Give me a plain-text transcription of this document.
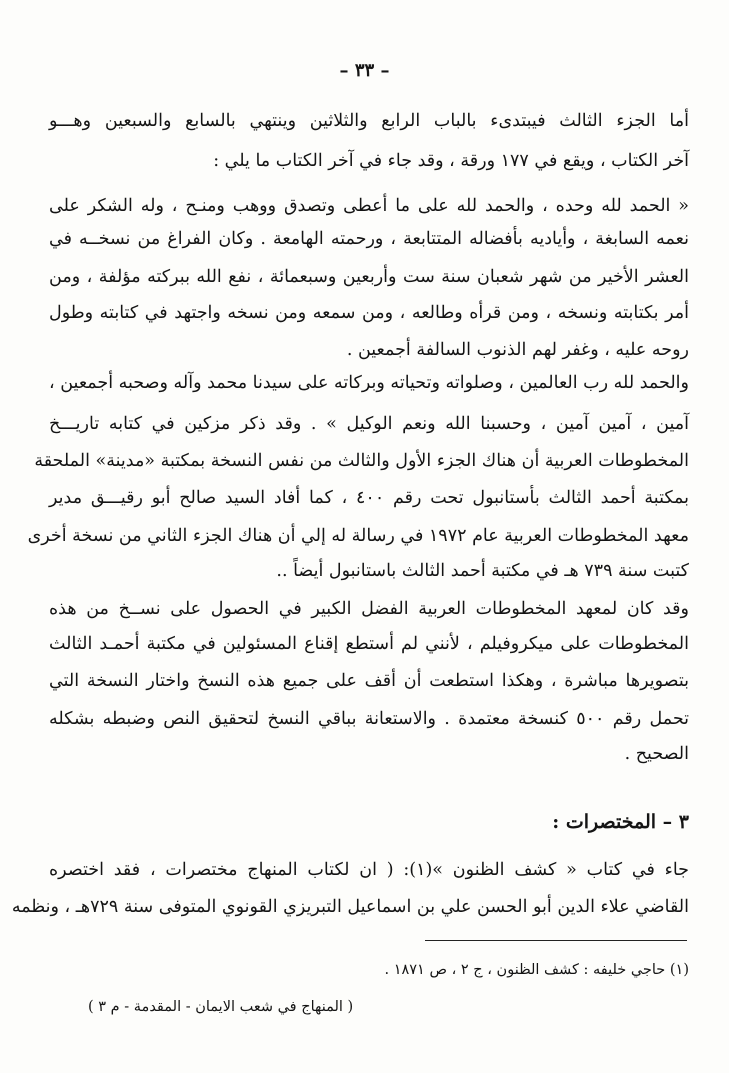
– ٣٣ –
أما الجزء الثالث فيبتدىء بالباب الرابع والثلاثين وينتهي بالسابع والسبعين وهـــو
آخر الكتاب ، ويقع في ١٧٧ ورقة ، وقد جاء في آخر الكتاب ما يلي :
« الحمد لله وحده ، والحمد لله على ما أعطى وتصدق ووهب ومنـح ، وله الشكر على
نعمه السابغة ، وأياديه بأفضاله المتتابعة ، ورحمته الهامعة . وكان الفراغ من نسخــه في
العشر الأخير من شهر شعبان سنة ست وأربعين وسبعمائة ، نفع الله ببركته مؤلفة ، ومن
أمر بكتابته ونسخه ، ومن قرأه وطالعه ، ومن سمعه ومن نسخه واجتهد في كتابته وطول
روحه عليه ، وغفر لهم الذنوب السالفة أجمعين .
والحمد لله رب العالمين ، وصلواته وتحياته وبركاته على سيدنا محمد وآله وصحبه أجمعين ،
آمين ، آمين آمين ، وحسبنا الله ونعم الوكيل » . وقد ذكر مزكين في كتابه تاريـــخ
المخطوطات العربية أن هناك الجزء الأول والثالث من نفس النسخة بمكتبة «مدينة» الملحقة
بمكتبة أحمد الثالث بأستانبول تحت رقم ٤٠٠ ، كما أفاد السيد صالح أبو رقيـــق مدير
معهد المخطوطات العربية عام ١٩٧٢ في رسالة له إلي أن هناك الجزء الثاني من نسخة أخرى
كتبت سنة ٧٣٩ هـ في مكتبة أحمد الثالث باستانبول أيضاً ..
وقد كان لمعهد المخطوطات العربية الفضل الكبير في الحصول على نســخ من هذه
المخطوطات على ميكروفيلم ، لأنني لم أستطع إقناع المسئولين في مكتبة أحمـد الثالث
بتصويرها مباشرة ، وهكذا استطعت أن أقف على جميع هذه النسخ واختار النسخة التي
تحمل رقم ٥٠٠ كنسخة معتمدة . والاستعانة بباقي النسخ لتحقيق النص وضبطه بشكله
الصحيح .
٣ – المختصرات :
جاء في كتاب « كشف الظنون »(١): ( ان لكتاب المنهاج مختصرات ، فقد اختصره
القاضي علاء الدين أبو الحسن علي بن اسماعيل التبريزي القونوي المتوفى سنة ٧٢٩هـ ، ونظمه
(١) حاجي خليفه : كشف الظنون ، ج ٢ ، ص ١٨٧١ .
( المنهاج في شعب الايمان - المقدمة - م ٣ )
